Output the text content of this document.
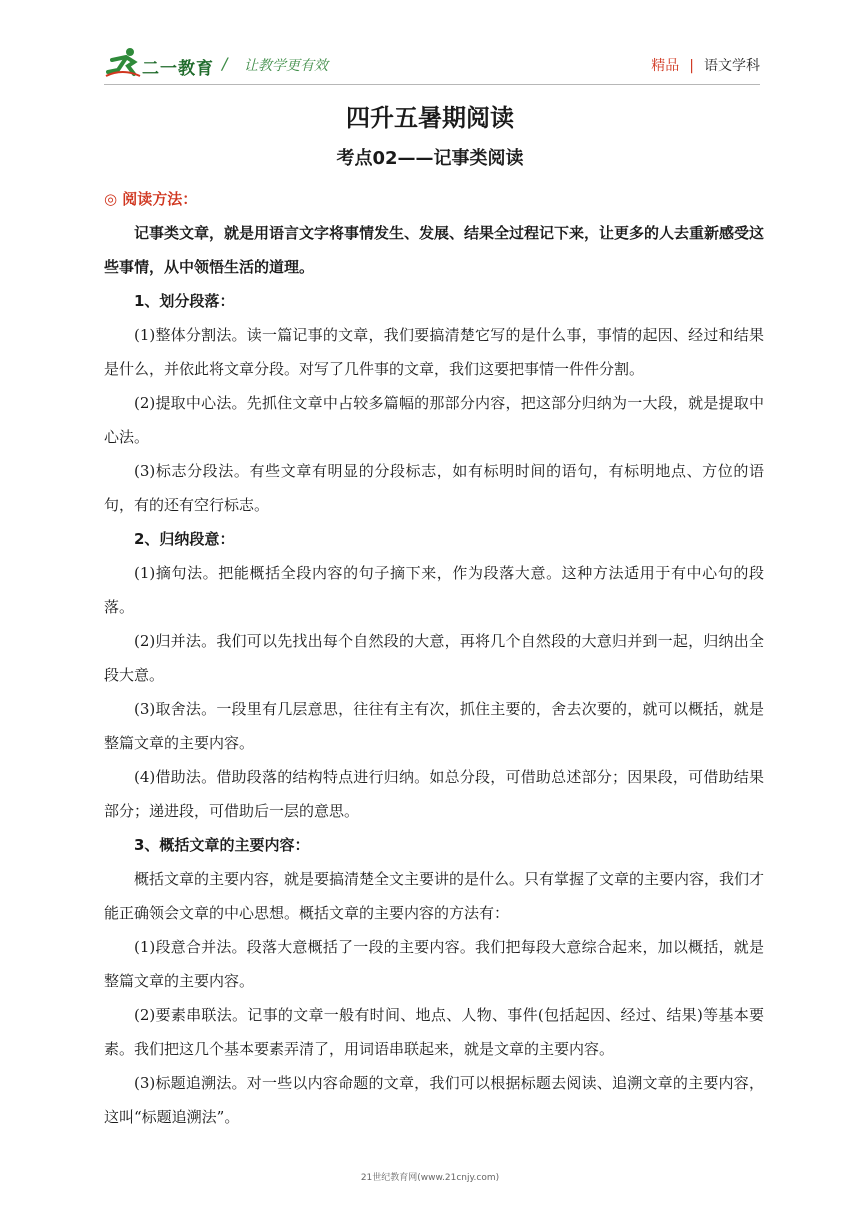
二一教育 / 让教学更有效	精品 | 语文学科
四升五暑期阅读
考点02——记事类阅读
◎ 阅读方法：

记事类文章，就是用语言文字将事情发生、发展、结果全过程记下来，让更多的人去重新感受这些事情，从中领悟生活的道理。

1、划分段落：

(1)整体分割法。读一篇记事的文章，我们要搞清楚它写的是什么事，事情的起因、经过和结果是什么，并依此将文章分段。对写了几件事的文章，我们这要把事情一件件分割。

(2)提取中心法。先抓住文章中占较多篇幅的那部分内容，把这部分归纳为一大段，就是提取中心法。

(3)标志分段法。有些文章有明显的分段标志，如有标明时间的语句，有标明地点、方位的语句，有的还有空行标志。

2、归纳段意：

(1)摘句法。把能概括全段内容的句子摘下来，作为段落大意。这种方法适用于有中心句的段落。

(2)归并法。我们可以先找出每个自然段的大意，再将几个自然段的大意归并到一起，归纳出全段大意。

(3)取舍法。一段里有几层意思，往往有主有次，抓住主要的，舍去次要的，就可以概括，就是整篇文章的主要内容。

(4)借助法。借助段落的结构特点进行归纳。如总分段，可借助总述部分；因果段，可借助结果部分；递进段，可借助后一层的意思。

3、概括文章的主要内容：

概括文章的主要内容，就是要搞清楚全文主要讲的是什么。只有掌握了文章的主要内容，我们才能正确领会文章的中心思想。概括文章的主要内容的方法有：

(1)段意合并法。段落大意概括了一段的主要内容。我们把每段大意综合起来，加以概括，就是整篇文章的主要内容。

(2)要素串联法。记事的文章一般有时间、地点、人物、事件(包括起因、经过、结果)等基本要素。我们把这几个基本要素弄清了，用词语串联起来，就是文章的主要内容。

(3)标题追溯法。对一些以内容命题的文章，我们可以根据标题去阅读、追溯文章的主要内容，这叫“标题追溯法”。

21世纪教育网(www.21cnjy.com)
